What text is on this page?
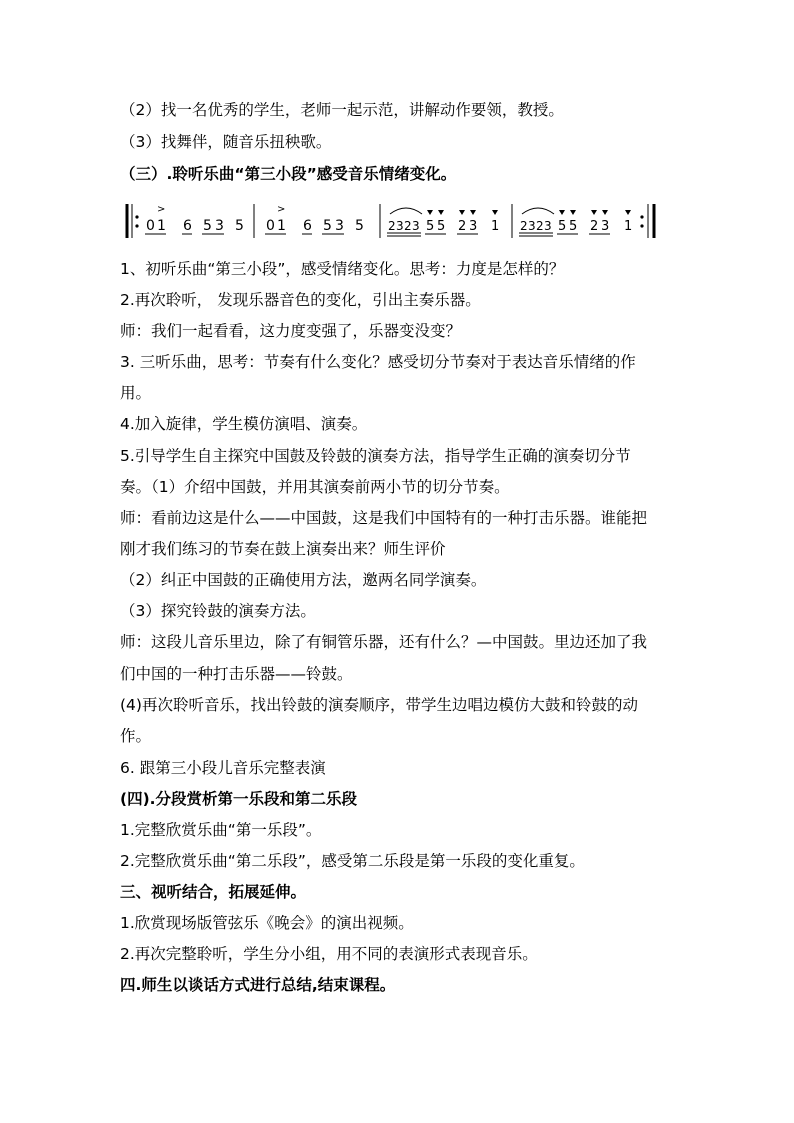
（2）找一名优秀的学生，老师一起示范，讲解动作要领，教授。
（3）找舞伴，随音乐扭秧歌。
（三）.聆听乐曲“第三小段”感受音乐情绪变化。
0 1
>
6 5 3 5 0 1
>
6 5 3 5 2 3 2 3 5 5 2 3 1 2 3 2 3 5 5 2 3 1
1、初听乐曲“第三小段”，感受情绪变化。思考：力度是怎样的？
2.再次聆听， 发现乐器音色的变化，引出主奏乐器。
师：我们一起看看，这力度变强了，乐器变没变？
3. 三听乐曲，思考：节奏有什么变化？感受切分节奏对于表达音乐情绪的作
用。
4.加入旋律，学生模仿演唱、演奏。
5.引导学生自主探究中国鼓及铃鼓的演奏方法，指导学生正确的演奏切分节
奏。（1）介绍中国鼓，并用其演奏前两小节的切分节奏。
师：看前边这是什么——中国鼓，这是我们中国特有的一种打击乐器。谁能把
刚才我们练习的节奏在鼓上演奏出来？师生评价
（2）纠正中国鼓的正确使用方法，邀两名同学演奏。
（3）探究铃鼓的演奏方法。
师：这段儿音乐里边，除了有铜管乐器，还有什么？—中国鼓。里边还加了我
们中国的一种打击乐器——铃鼓。
(4)再次聆听音乐，找出铃鼓的演奏顺序，带学生边唱边模仿大鼓和铃鼓的动
作。
6. 跟第三小段儿音乐完整表演
(四).分段赏析第一乐段和第二乐段
1.完整欣赏乐曲“第一乐段”。
2.完整欣赏乐曲“第二乐段”，感受第二乐段是第一乐段的变化重复。
三、视听结合，拓展延伸。
1.欣赏现场版管弦乐《晚会》的演出视频。
2.再次完整聆听，学生分小组，用不同的表演形式表现音乐。
四.师生以谈话方式进行总结,结束课程。
